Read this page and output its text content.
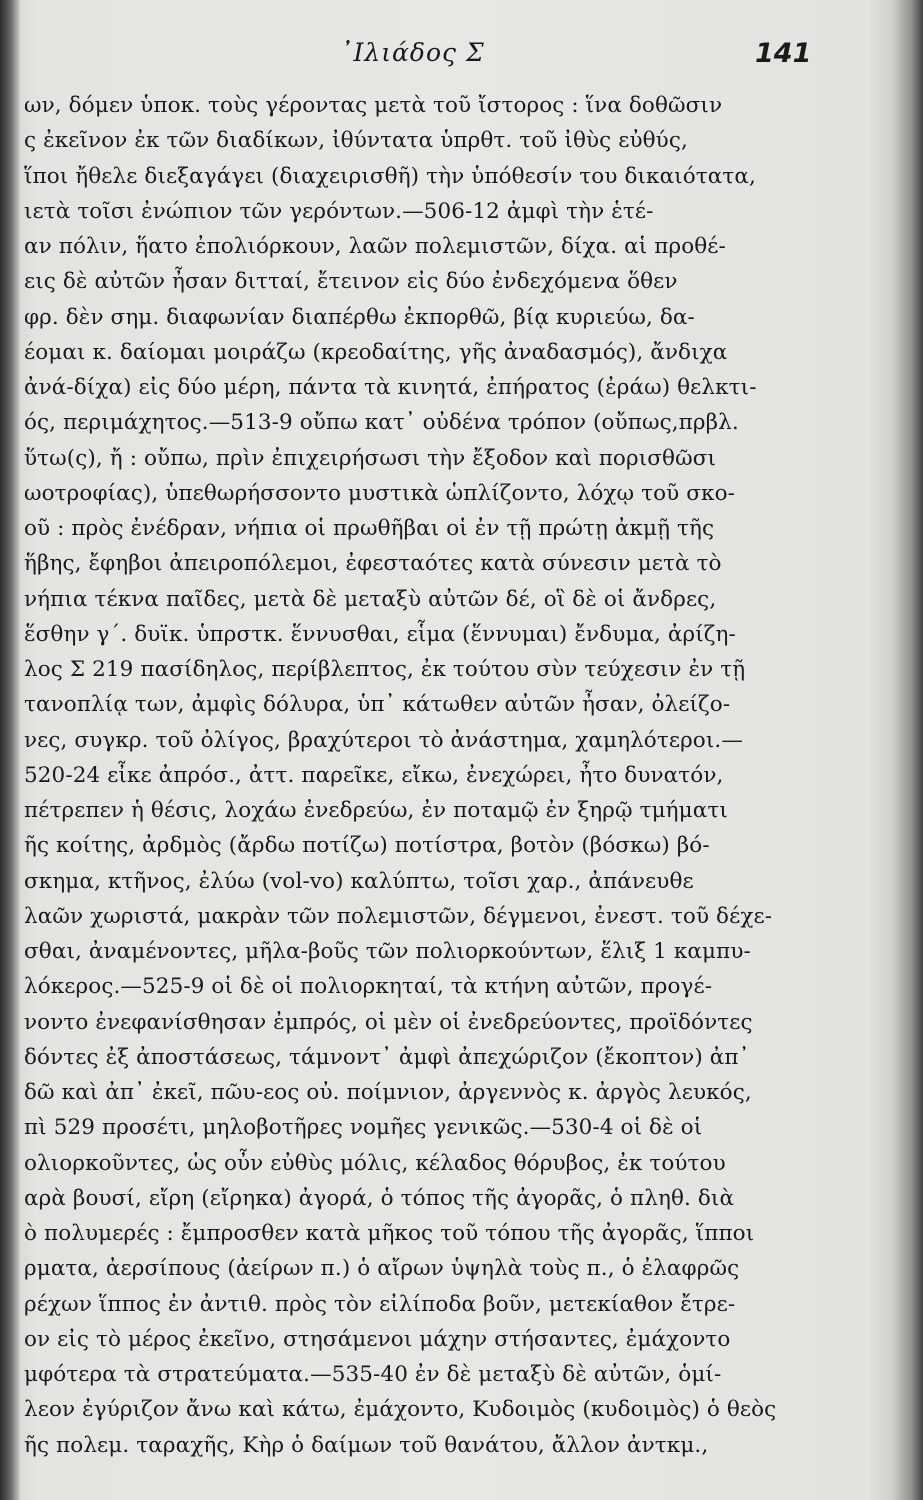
᾿Ιλιάδος Σ	141
ων, δόμεν ὑποκ. τοὺς γέροντας μετὰ τοῦ ἴστορος : ἵνα δοθῶσιν
ς ἐκεῖνον ἐκ τῶν διαδίκων, ἰθύντατα ὑπρθτ. τοῦ ἰθὺς εὐθύς,
ἵποι ἤθελε διεξαγάγει (διαχειρισθῆ) τὴν ὑπόθεσίν του δικαιότατα,
ιετὰ τοῖσι ἐνώπιον τῶν γερόντων.—506-12 ἀμφὶ τὴν ἑτέ-
αν πόλιν, ἥατο ἐπολιόρκουν, λαῶν πολεμιστῶν, δίχα. αἱ προθέ-
εις δὲ αὐτῶν ἦσαν διτταί, ἔτεινον εἰς δύο ἐνδεχόμενα ὅθεν
φρ. δὲν σημ. διαφωνίαν διαπέρθω ἐκπορθῶ, βίᾳ κυριεύω, δα-
έομαι κ. δαίομαι μοιράζω (κρεοδαίτης, γῆς ἀναδασμός), ἄνδιχα
ἀνά-δίχα) εἰς δύο μέρη, πάντα τὰ κινητά, ἐπήρατος (ἐράω) θελκτι-
ός, περιμάχητος.—513-9 οὔπω κατ᾿ οὐδένα τρόπον (οὔπως,πρβλ.
ὕτω(ς), ἤ : οὔπω, πρὶν ἐπιχειρήσωσι τὴν ἔξοδον καὶ πορισθῶσι
ωοτροφίας), ὑπεθωρήσσοντο μυστικὰ ὡπλίζοντο, λόχῳ τοῦ σκο-
οῦ : πρὸς ἐνέδραν, νήπια οἱ πρωθῆβαι οἱ ἐν τῇ πρώτῃ ἀκμῇ τῆς
ἥβης, ἔφηβοι ἀπειροπόλεμοι, ἐφεσταότες κατὰ σύνεσιν μετὰ τὸ
νήπια τέκνα παῖδες, μετὰ δὲ μεταξὺ αὐτῶν δέ, οἳ δὲ οἱ ἄνδρες,
ἕσθην γ΄. δυϊκ. ὑπρστκ. ἕννυσθαι, εἷμα (ἕννυμαι) ἔνδυμα, ἀρίζη-
λος Σ 219 πασίδηλος, περίβλεπτος, ἐκ τούτου σὺν τεύχεσιν ἐν τῇ
τανοπλίᾳ των, ἀμφὶς δόλυρα, ὑπ᾿ κάτωθεν αὐτῶν ἦσαν, ὀλείζο-
νες, συγκρ. τοῦ ὀλίγος, βραχύτεροι τὸ ἀνάστημα, χαμηλότεροι.—
520-24 εἶκε ἀπρόσ., ἀττ. παρεῖκε, εἴκω, ἐνεχώρει, ἦτο δυνατόν,
πέτρεπεν ἡ θέσις, λοχάω ἐνεδρεύω, ἐν ποταμῷ ἐν ξηρῷ τμήματι
ῆς κοίτης, ἀρδμὸς (ἄρδω ποτίζω) ποτίστρα, βοτὸν (βόσκω) βό-
σκημα, κτῆνος, ἐλύω (vol-vo) καλύπτω, τοῖσι χαρ., ἀπάνευθε
λαῶν χωριστά, μακρὰν τῶν πολεμιστῶν, δέγμενοι, ἐνεστ. τοῦ δέχε-
σθαι, ἀναμένοντες, μῆλα-βοῦς τῶν πολιορκούντων, ἕλιξ 1 καμπυ-
λόκερος.—525-9 οἱ δὲ οἱ πολιορκηταί, τὰ κτήνη αὐτῶν, προγέ-
νοντο ἐνεφανίσθησαν ἐμπρός, οἱ μὲν οἱ ἐνεδρεύοντες, προϊδόντες
δόντες ἐξ ἀποστάσεως, τάμνοντ᾿ ἀμφὶ ἀπεχώριζον (ἔκοπτον) ἀπ᾿
δῶ καὶ ἀπ᾿ ἐκεῖ, πῶυ-εος οὐ. ποίμνιον, ἀργεννὸς κ. ἀργὸς λευκός,
πὶ 529 προσέτι, μηλοβοτῆρες νομῆες γενικῶς.—530-4 οἱ δὲ οἱ
ολιορκοῦντες, ὡς οὖν εὐθὺς μόλις, κέλαδος θόρυβος, ἐκ τούτου
αρὰ βουσί, εἴρη (εἴρηκα) ἀγορά, ὁ τόπος τῆς ἀγορᾶς, ὁ πληθ. διὰ
ὸ πολυμερές : ἔμπροσθεν κατὰ μῆκος τοῦ τόπου τῆς ἀγορᾶς, ἵπποι
ρματα, ἀερσίπους (ἀείρων π.) ὁ αἴρων ὑψηλὰ τοὺς π., ὁ ἐλαφρῶς
ρέχων ἵππος ἐν ἀντιθ. πρὸς τὸν εἰλίποδα βοῦν, μετεκίαθον ἔτρε-
ον εἰς τὸ μέρος ἐκεῖνο, στησάμενοι μάχην στήσαντες, ἐμάχοντο
μφότερα τὰ στρατεύματα.—535-40 ἐν δὲ μεταξὺ δὲ αὐτῶν, ὁμί-
λεον ἐγύριζον ἄνω καὶ κάτω, ἐμάχοντο, Κυδοιμὸς (κυδοιμὸς) ὁ θεὸς
ῆς πολεμ. ταραχῆς, Κὴρ ὁ δαίμων τοῦ θανάτου, ἄλλον ἀντκμ.,
